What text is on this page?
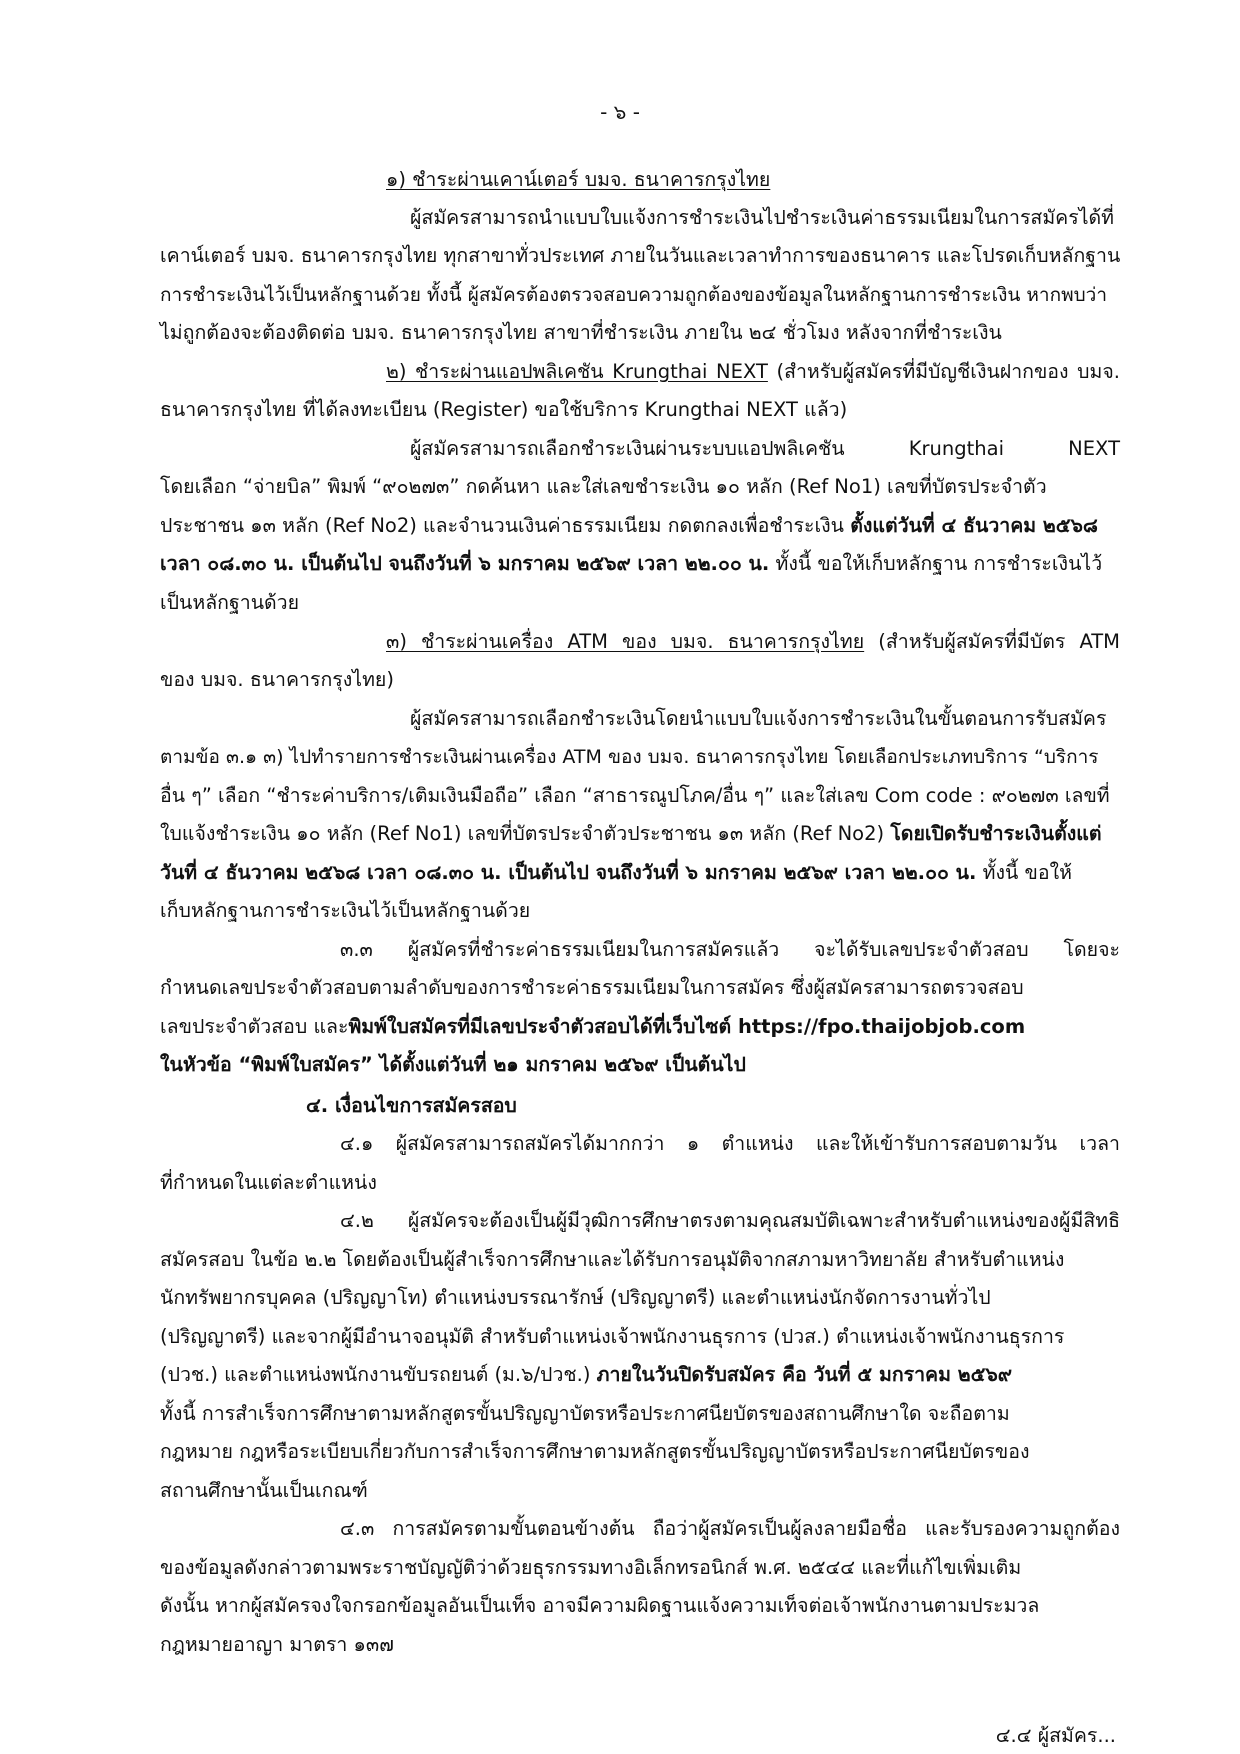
- ๖ -
๑) ชำระผ่านเคาน์เตอร์ บมจ. ธนาคารกรุงไทย
ผู้สมัครสามารถนำแบบใบแจ้งการชำระเงินไปชำระเงินค่าธรรมเนียมในการสมัครได้ที่
เคาน์เตอร์ บมจ. ธนาคารกรุงไทย ทุกสาขาทั่วประเทศ ภายในวันและเวลาทำการของธนาคาร และโปรดเก็บหลักฐาน
การชำระเงินไว้เป็นหลักฐานด้วย ทั้งนี้ ผู้สมัครต้องตรวจสอบความถูกต้องของข้อมูลในหลักฐานการชำระเงิน หากพบว่า
ไม่ถูกต้องจะต้องติดต่อ บมจ. ธนาคารกรุงไทย สาขาที่ชำระเงิน ภายใน ๒๔ ชั่วโมง หลังจากที่ชำระเงิน
๒) ชำระผ่านแอปพลิเคชัน Krungthai NEXT (สำหรับผู้สมัครที่มีบัญชีเงินฝากของ บมจ.
ธนาคารกรุงไทย ที่ได้ลงทะเบียน (Register) ขอใช้บริการ Krungthai NEXT แล้ว)
ผู้สมัครสามารถเลือกชำระเงินผ่านระบบแอปพลิเคชัน Krungthai NEXT
โดยเลือก “จ่ายบิล” พิมพ์ “๙๐๒๗๓” กดค้นหา และใส่เลขชำระเงิน ๑๐ หลัก (Ref No1) เลขที่บัตรประจำตัว
ประชาชน ๑๓ หลัก (Ref No2) และจำนวนเงินค่าธรรมเนียม กดตกลงเพื่อชำระเงิน ตั้งแต่วันที่ ๔ ธันวาคม ๒๕๖๘
เวลา ๐๘.๓๐ น. เป็นต้นไป จนถึงวันที่ ๖ มกราคม ๒๕๖๙ เวลา ๒๒.๐๐ น. ทั้งนี้ ขอให้เก็บหลักฐาน การชำระเงินไว้
เป็นหลักฐานด้วย
๓) ชำระผ่านเครื่อง ATM ของ บมจ. ธนาคารกรุงไทย (สำหรับผู้สมัครที่มีบัตร ATM
ของ บมจ. ธนาคารกรุงไทย)
ผู้สมัครสามารถเลือกชำระเงินโดยนำแบบใบแจ้งการชำระเงินในขั้นตอนการรับสมัคร
ตามข้อ ๓.๑ ๓) ไปทำรายการชำระเงินผ่านเครื่อง ATM ของ บมจ. ธนาคารกรุงไทย โดยเลือกประเภทบริการ “บริการ
อื่น ๆ” เลือก “ชำระค่าบริการ/เติมเงินมือถือ” เลือก “สาธารณูปโภค/อื่น ๆ” และใส่เลข Com code : ๙๐๒๗๓ เลขที่
ใบแจ้งชำระเงิน ๑๐ หลัก (Ref No1) เลขที่บัตรประจำตัวประชาชน ๑๓ หลัก (Ref No2) โดยเปิดรับชำระเงินตั้งแต่
วันที่ ๔ ธันวาคม ๒๕๖๘ เวลา ๐๘.๓๐ น. เป็นต้นไป จนถึงวันที่ ๖ มกราคม ๒๕๖๙ เวลา ๒๒.๐๐ น. ทั้งนี้ ขอให้
เก็บหลักฐานการชำระเงินไว้เป็นหลักฐานด้วย
๓.๓ ผู้สมัครที่ชำระค่าธรรมเนียมในการสมัครแล้ว จะได้รับเลขประจำตัวสอบ โดยจะ
กำหนดเลขประจำตัวสอบตามลำดับของการชำระค่าธรรมเนียมในการสมัคร ซึ่งผู้สมัครสามารถตรวจสอบ
เลขประจำตัวสอบ และพิมพ์ใบสมัครที่มีเลขประจำตัวสอบได้ที่เว็บไซต์ https://fpo.thaijobjob.com
ในหัวข้อ “พิมพ์ใบสมัคร” ได้ตั้งแต่วันที่ ๒๑ มกราคม ๒๕๖๙ เป็นต้นไป
๔. เงื่อนไขการสมัครสอบ
๔.๑ ผู้สมัครสามารถสมัครได้มากกว่า ๑ ตำแหน่ง และให้เข้ารับการสอบตามวัน เวลา
ที่กำหนดในแต่ละตำแหน่ง
๔.๒ ผู้สมัครจะต้องเป็นผู้มีวุฒิการศึกษาตรงตามคุณสมบัติเฉพาะสำหรับตำแหน่งของผู้มีสิทธิ
สมัครสอบ ในข้อ ๒.๒ โดยต้องเป็นผู้สำเร็จการศึกษาและได้รับการอนุมัติจากสภามหาวิทยาลัย สำหรับตำแหน่ง
นักทรัพยากรบุคคล (ปริญญาโท) ตำแหน่งบรรณารักษ์ (ปริญญาตรี) และตำแหน่งนักจัดการงานทั่วไป
(ปริญญาตรี) และจากผู้มีอำนาจอนุมัติ สำหรับตำแหน่งเจ้าพนักงานธุรการ (ปวส.) ตำแหน่งเจ้าพนักงานธุรการ
(ปวช.) และตำแหน่งพนักงานขับรถยนต์ (ม.๖/ปวช.) ภายในวันปิดรับสมัคร คือ วันที่ ๕ มกราคม ๒๕๖๙
ทั้งนี้ การสำเร็จการศึกษาตามหลักสูตรขั้นปริญญาบัตรหรือประกาศนียบัตรของสถานศึกษาใด จะถือตาม
กฎหมาย กฎหรือระเบียบเกี่ยวกับการสำเร็จการศึกษาตามหลักสูตรขั้นปริญญาบัตรหรือประกาศนียบัตรของ
สถานศึกษานั้นเป็นเกณฑ์
๔.๓ การสมัครตามขั้นตอนข้างต้น ถือว่าผู้สมัครเป็นผู้ลงลายมือชื่อ และรับรองความถูกต้อง
ของข้อมูลดังกล่าวตามพระราชบัญญัติว่าด้วยธุรกรรมทางอิเล็กทรอนิกส์ พ.ศ. ๒๕๔๔ และที่แก้ไขเพิ่มเติม
ดังนั้น หากผู้สมัครจงใจกรอกข้อมูลอันเป็นเท็จ อาจมีความผิดฐานแจ้งความเท็จต่อเจ้าพนักงานตามประมวล
กฎหมายอาญา มาตรา ๑๓๗
๔.๔ ผู้สมัคร...
